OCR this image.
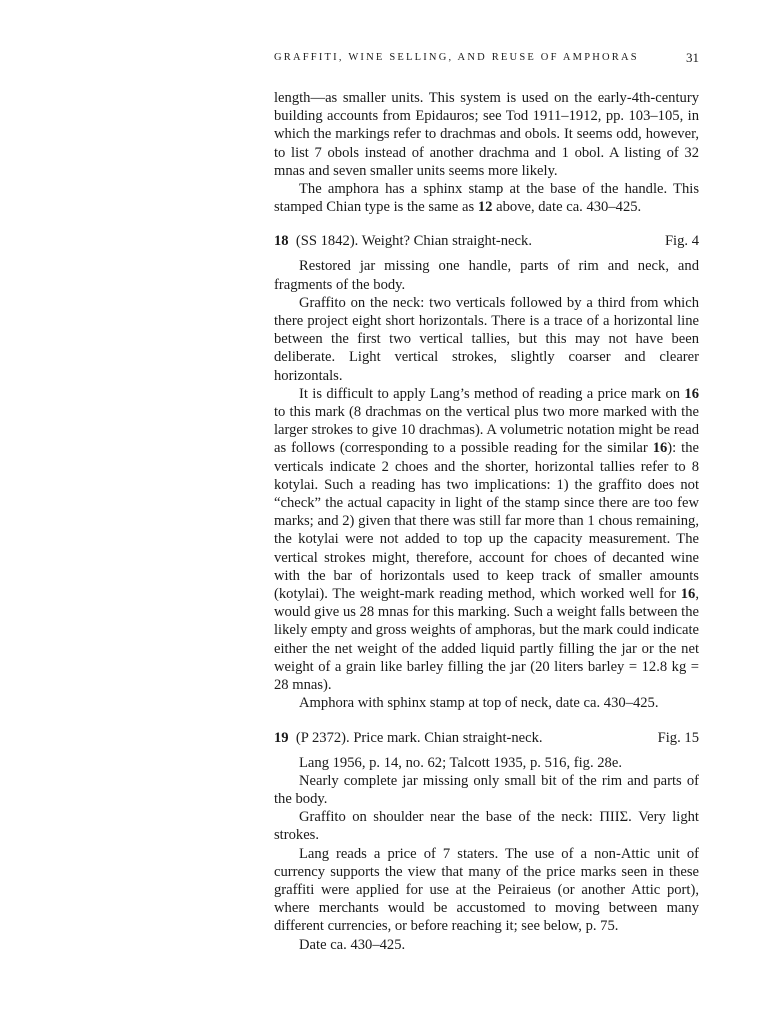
GRAFFITI, WINE SELLING, AND REUSE OF AMPHORAS	31

length—as smaller units. This system is used on the early-4th-century building accounts from Epidauros; see Tod 1911–1912, pp. 103–105, in which the markings refer to drachmas and obols. It seems odd, however, to list 7 obols instead of another drachma and 1 obol. A listing of 32 mnas and seven smaller units seems more likely.

The amphora has a sphinx stamp at the base of the handle. This stamped Chian type is the same as 12 above, date ca. 430–425.

18 (SS 1842). Weight? Chian straight-neck.	Fig. 4

Restored jar missing one handle, parts of rim and neck, and fragments of the body.

Graffito on the neck: two verticals followed by a third from which there project eight short horizontals. There is a trace of a horizontal line between the first two vertical tallies, but this may not have been deliberate. Light vertical strokes, slightly coarser and clearer horizontals.

It is difficult to apply Lang’s method of reading a price mark on 16 to this mark (8 drachmas on the vertical plus two more marked with the larger strokes to give 10 drachmas). A volumetric notation might be read as follows (corresponding to a possible reading for the similar 16): the verticals indicate 2 choes and the shorter, horizontal tallies refer to 8 kotylai. Such a reading has two implications: 1) the graffito does not “check” the actual capacity in light of the stamp since there are too few marks; and 2) given that there was still far more than 1 chous remaining, the kotylai were not added to top up the capacity measurement. The vertical strokes might, therefore, account for choes of decanted wine with the bar of horizontals used to keep track of smaller amounts (kotylai). The weight-mark reading method, which worked well for 16, would give us 28 mnas for this marking. Such a weight falls between the likely empty and gross weights of amphoras, but the mark could indicate either the net weight of the added liquid partly filling the jar or the net weight of a grain like barley filling the jar (20 liters barley = 12.8 kg = 28 mnas).

Amphora with sphinx stamp at top of neck, date ca. 430–425.

19 (P 2372). Price mark. Chian straight-neck.	Fig. 15

Lang 1956, p. 14, no. 62; Talcott 1935, p. 516, fig. 28e.

Nearly complete jar missing only small bit of the rim and parts of the body.

Graffito on shoulder near the base of the neck: ΠΙΙΣ. Very light strokes.

Lang reads a price of 7 staters. The use of a non-Attic unit of currency supports the view that many of the price marks seen in these graffiti were applied for use at the Peiraieus (or another Attic port), where merchants would be accustomed to moving between many different currencies, or before reaching it; see below, p. 75.

Date ca. 430–425.
